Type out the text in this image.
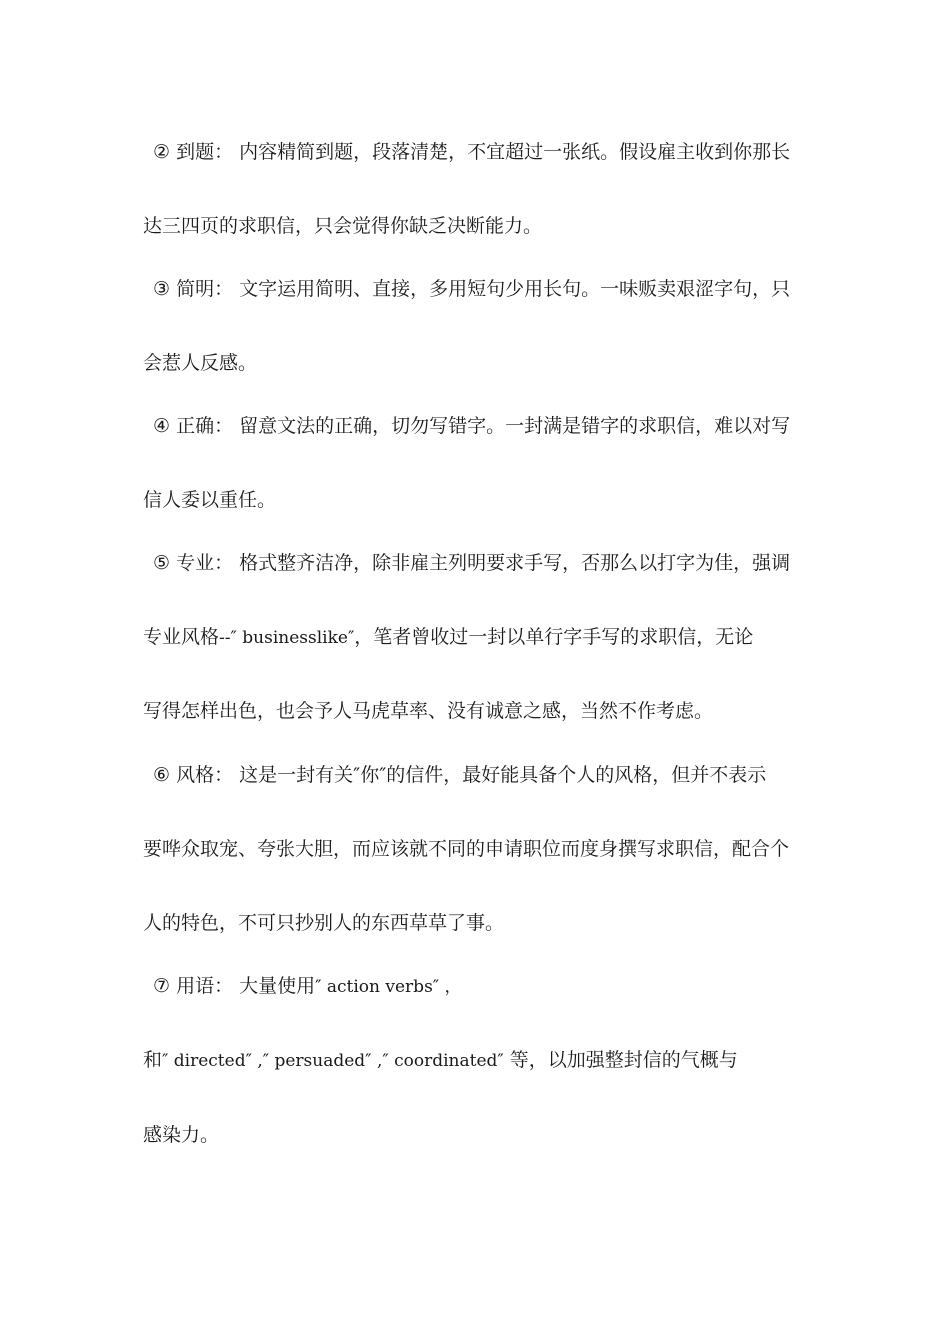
② 到题： 内容精简到题，段落清楚，不宜超过一张纸。假设雇主收到你那长
达三四页的求职信，只会觉得你缺乏决断能力。
③ 简明： 文字运用简明、直接，多用短句少用长句。一味贩卖艰涩字句，只
会惹人反感。
④ 正确： 留意文法的正确，切勿写错字。一封满是错字的求职信，难以对写
信人委以重任。
⑤ 专业： 格式整齐洁净，除非雇主列明要求手写，否那么以打字为佳，强调
专业风格--″ businesslike″，笔者曾收过一封以单行字手写的求职信，无论
写得怎样出色，也会予人马虎草率、没有诚意之感，当然不作考虑。
⑥ 风格： 这是一封有关″你″的信件，最好能具备个人的风格，但并不表示
要哗众取宠、夸张大胆，而应该就不同的申请职位而度身撰写求职信，配合个
人的特色，不可只抄别人的东西草草了事。
⑦ 用语： 大量使用″ action verbs″ ，
和″ directed″ ,″ persuaded″ ,″ coordinated″ 等，以加强整封信的气概与
感染力。
